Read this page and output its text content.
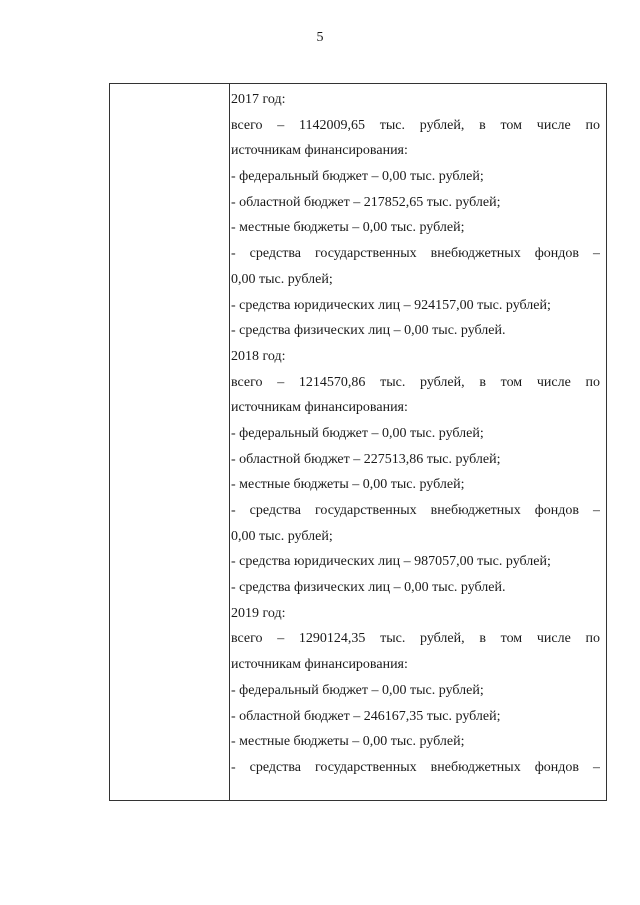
5
2017 год:
всего – 1142009,65 тыс. рублей, в том числе по
источникам финансирования:
- федеральный бюджет – 0,00 тыс. рублей;
- областной бюджет – 217852,65 тыс. рублей;
- местные бюджеты – 0,00 тыс. рублей;
- средства государственных внебюджетных фондов –
0,00 тыс. рублей;
- средства юридических лиц – 924157,00 тыс. рублей;
- средства физических лиц – 0,00 тыс. рублей.
2018 год:
всего – 1214570,86 тыс. рублей, в том числе по
источникам финансирования:
- федеральный бюджет – 0,00 тыс. рублей;
- областной бюджет – 227513,86 тыс. рублей;
- местные бюджеты – 0,00 тыс. рублей;
- средства государственных внебюджетных фондов –
0,00 тыс. рублей;
- средства юридических лиц – 987057,00 тыс. рублей;
- средства физических лиц – 0,00 тыс. рублей.
2019 год:
всего – 1290124,35 тыс. рублей, в том числе по
источникам финансирования:
- федеральный бюджет – 0,00 тыс. рублей;
- областной бюджет – 246167,35 тыс. рублей;
- местные бюджеты – 0,00 тыс. рублей;
- средства государственных внебюджетных фондов –
